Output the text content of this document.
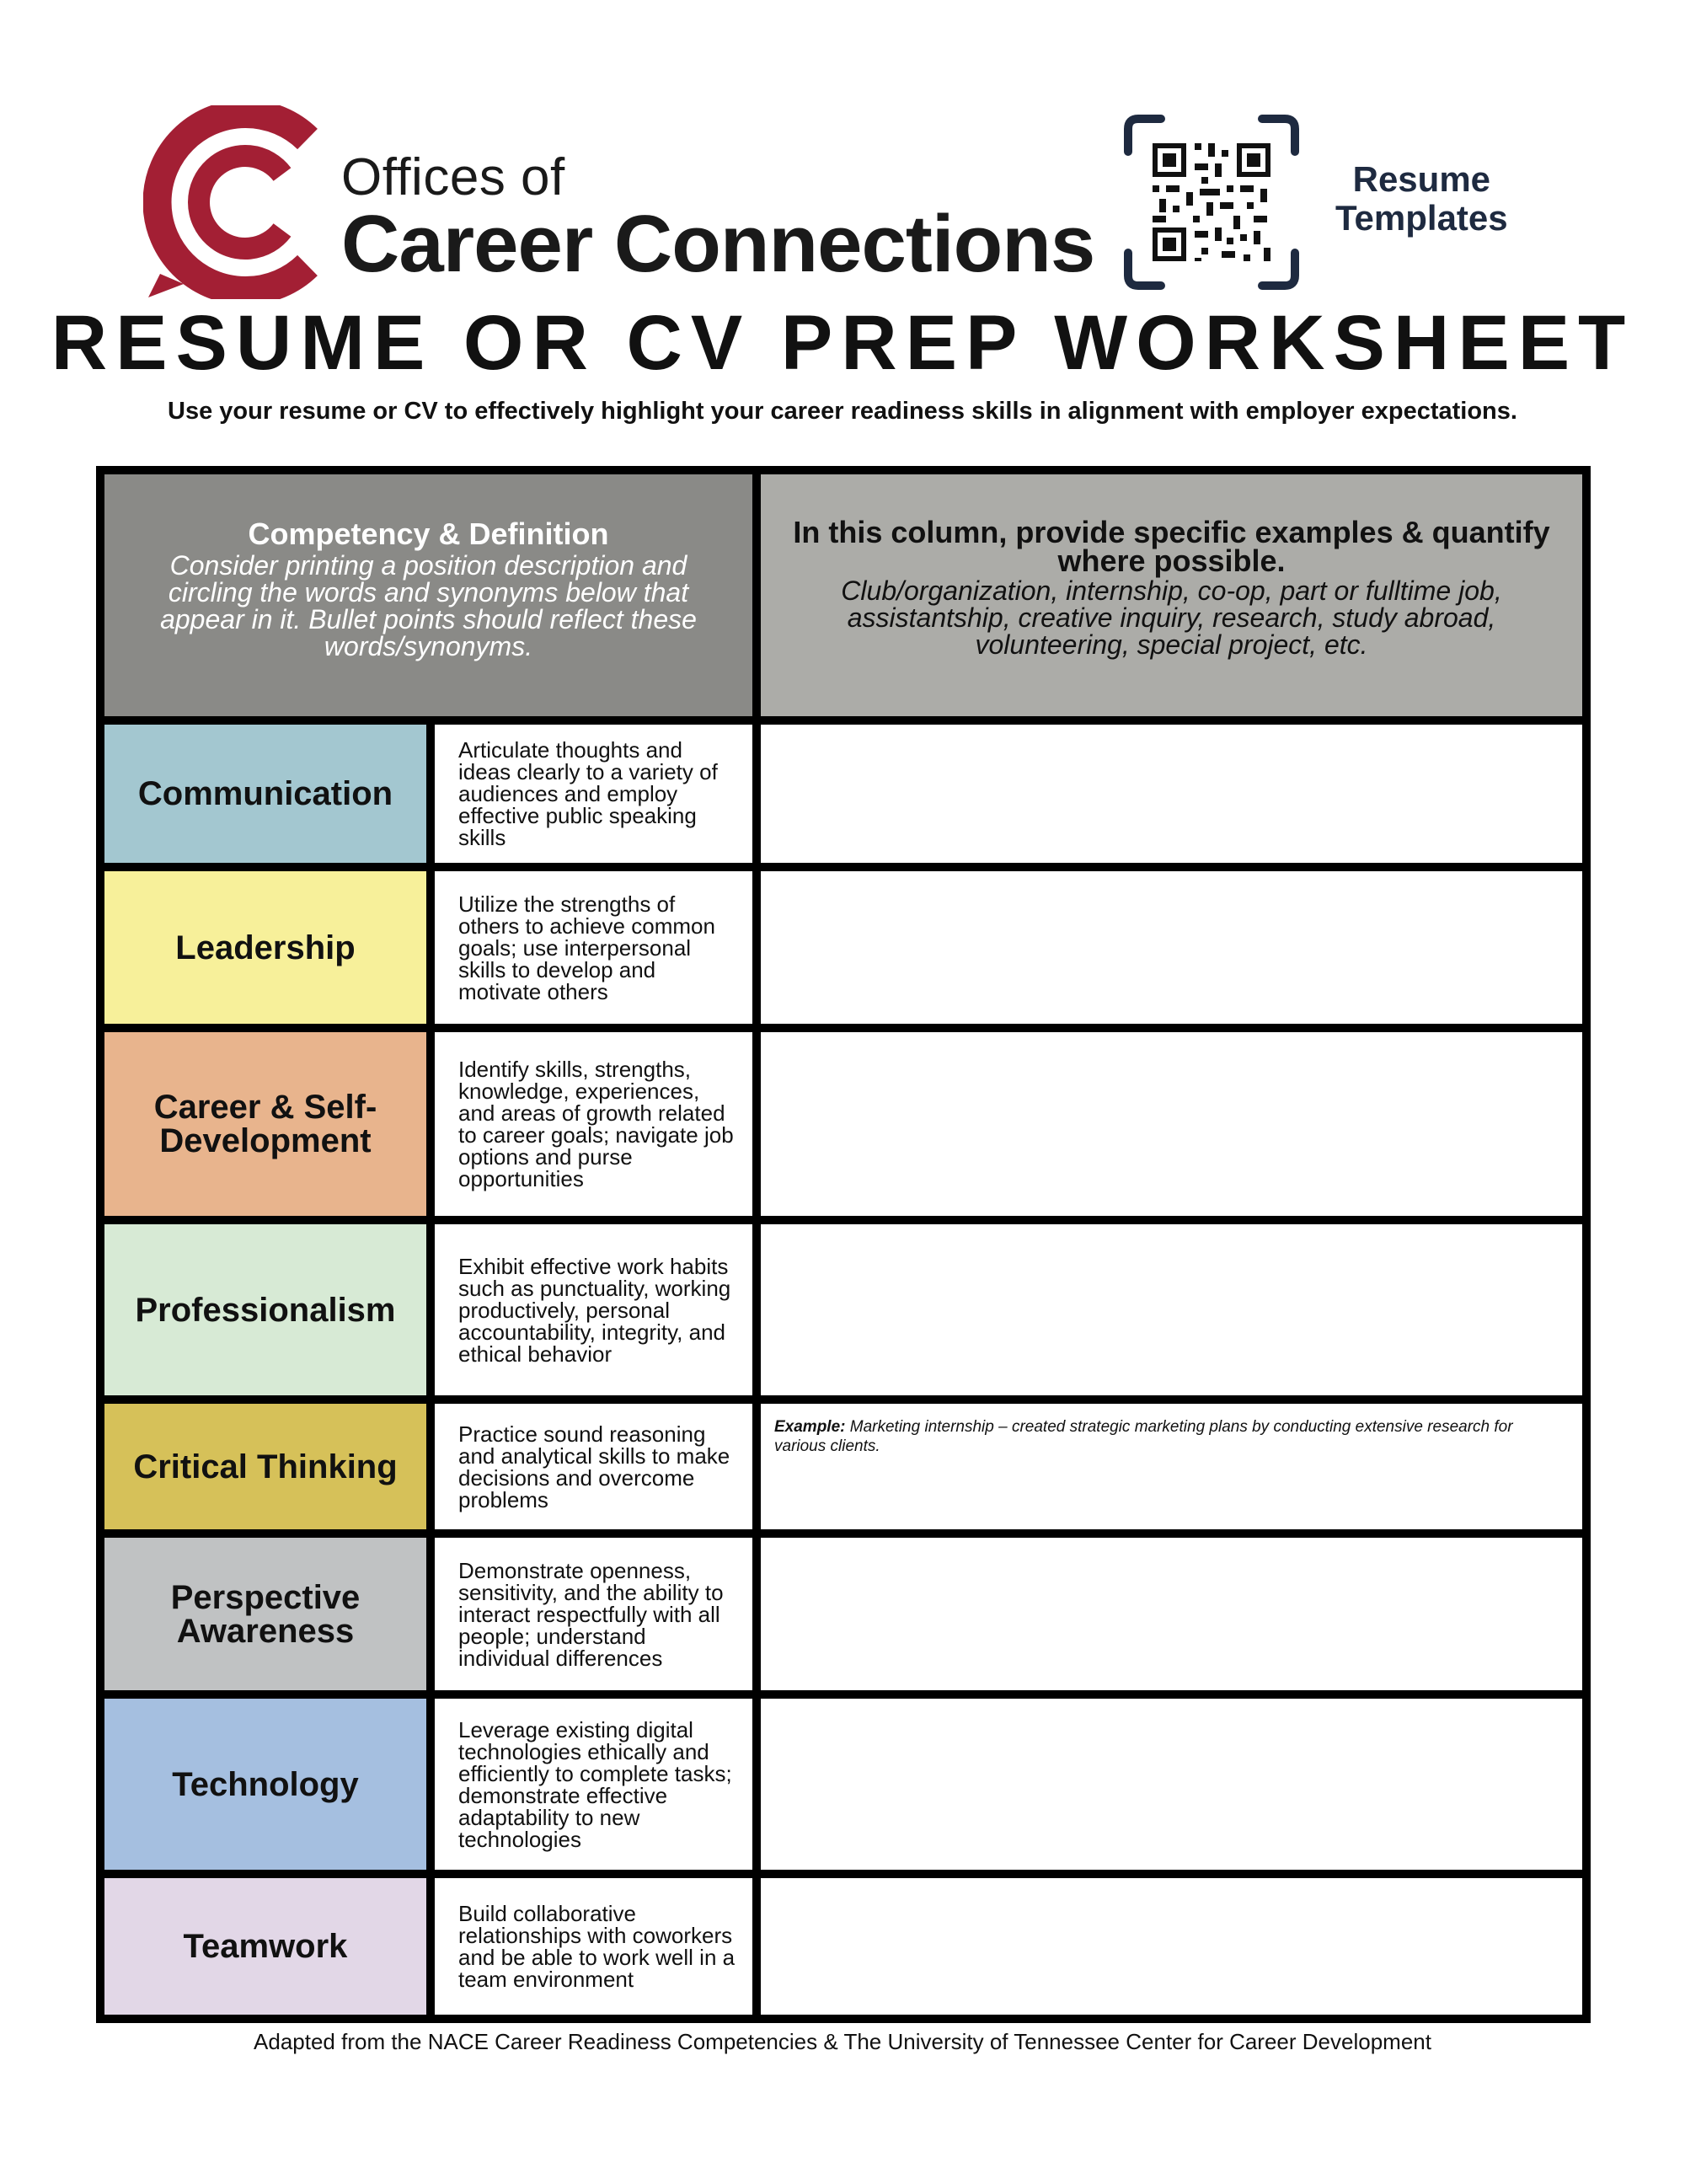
Offices of
Career Connections
Resume
Templates
RESUME OR CV PREP WORKSHEET
Use your resume or CV to effectively highlight your career readiness skills in alignment with employer expectations.
Competency & Definition
Consider printing a position description and circling the words and synonyms below that appear in it. Bullet points should reflect these words/synonyms.
In this column, provide specific examples & quantify where possible.
Club/organization, internship, co-op, part or fulltime job, assistantship, creative inquiry, research, study abroad, volunteering, special project, etc.
Communication
Articulate thoughts and ideas clearly to a variety of audiences and employ effective public speaking skills
Leadership
Utilize the strengths of others to achieve common goals; use interpersonal skills to develop and motivate others
Career & Self-Development
Identify skills, strengths, knowledge, experiences, and areas of growth related to career goals; navigate job options and purse opportunities
Professionalism
Exhibit effective work habits such as punctuality, working productively, personal accountability, integrity, and ethical behavior
Critical Thinking
Practice sound reasoning and analytical skills to make decisions and overcome problems
Example: Marketing internship – created strategic marketing plans by conducting extensive research for various clients.
Perspective Awareness
Demonstrate openness, sensitivity, and the ability to interact respectfully with all people; understand individual differences
Technology
Leverage existing digital technologies ethically and efficiently to complete tasks; demonstrate effective adaptability to new technologies
Teamwork
Build collaborative relationships with coworkers and be able to work well in a team environment
Adapted from the NACE Career Readiness Competencies & The University of Tennessee Center for Career Development
